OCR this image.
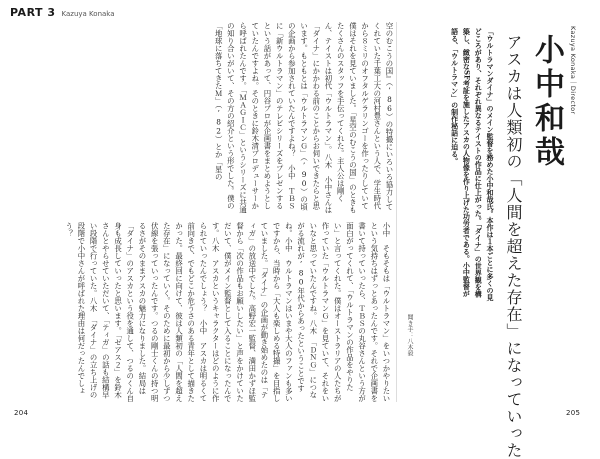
PART 3 Kazuya Konaka
空のむこうの国』（’86）の特撮にいろいろ協力してくれていた千葉工大の河村豊さんという人で、学生時代から８ミリのオフタルゲラリンゴーを作ったりしていて僕はそれを見ていました。「星空のむこうの国」のときもたくさんのスタッフを手伝ってくれた。主人公は剛くん、テイストは初代「ウルトラマン」。八木　小中さんは「ダイナ」にかかわる前のことからお伺いできたらと思います。もともとは「ウルトラマンＧ」（’90）の頃の企画から参加されていたんですよね？　小中　ＴＢＳに「新ウルトラマン」のテレビシリーズをプレゼンするという話があって、円谷プロが企画書をまとめようとしていたんですよね。そのときに鈴木清プロデューサーから呼ばれたんです。「ＭＡＧＩＣ」というシリーズに共通の知り合いがいて、その方の紹介という形でした。僕の「地球に落ちてきたＭ」（’82）とか「星の
小中　そもそもは「ウルトラマン」をいつかやりたいという気持ちはずっとあったんです。それで企画書を書いて持っていったら、ＴＢＳの丸谷さんという方が面白がってくれて、「ウルトラマンの作品をやりたい」と言ってくれた。僕はオーストラリアの人たちが作っていた「ウルトラマンＧ」を見ていて、それをいいなと思っていたんですね。八木　「ＤＮＧ」につながる流れが’80年代からあったということですね。小中　ウルトラマンはいまや大人のファンも多いですから、当時から「大人も楽しめる特撮」を目指していました。「ダイナ」の企画が動き始めたのは「ティガ」の放送中でした。高野宏一監督、満田かずほ監督から「次の作品もお願いしたい」と声をかけていただいて、僕がメイン監督として入ることになったんです。八木　アスカというキャラクターはどのように作られていったんでしょう？　小中　アスカは明るくて前向きで、でもどこか危うさのある青年として描きたかった。最終回に向けて、彼は人類初の「人間を超えた存在」になっていく。そのために最初から少しずつ伏線を張っていったんです。つるの剛士くんの持つ明るさがそのままアスカの魅力になりました。結局は「ダイナ」のアスカという役を通して、つるのくん自身も成長していったと思います。「ゼアス２」を鈴木さんとやらせていただいて、「ティガ」の話も結構早い段階で行っていた。八木　「ダイナ」の立ち上げの段階で小中さんが呼ばれた理由は何だったんでしょう？
Kazuya Konaka｜Director
小中和哉
アスカは人類初の「人間を超えた存在」になっていった
「ウルトラマンダイナ」のメイン監督を務めた小中和哉氏。本作は１本ごとに多くの見どころがあり、それぞれ異なるテイストの作品に仕上がった。「ダイナ」の世界観を構築し、緻密なSF考証を施したアスカの人物像を作り上げた功労者である。小中監督が語る、「ウルトラマン」の制作秘話に迫る。
聞き手：八木毅
204	205
